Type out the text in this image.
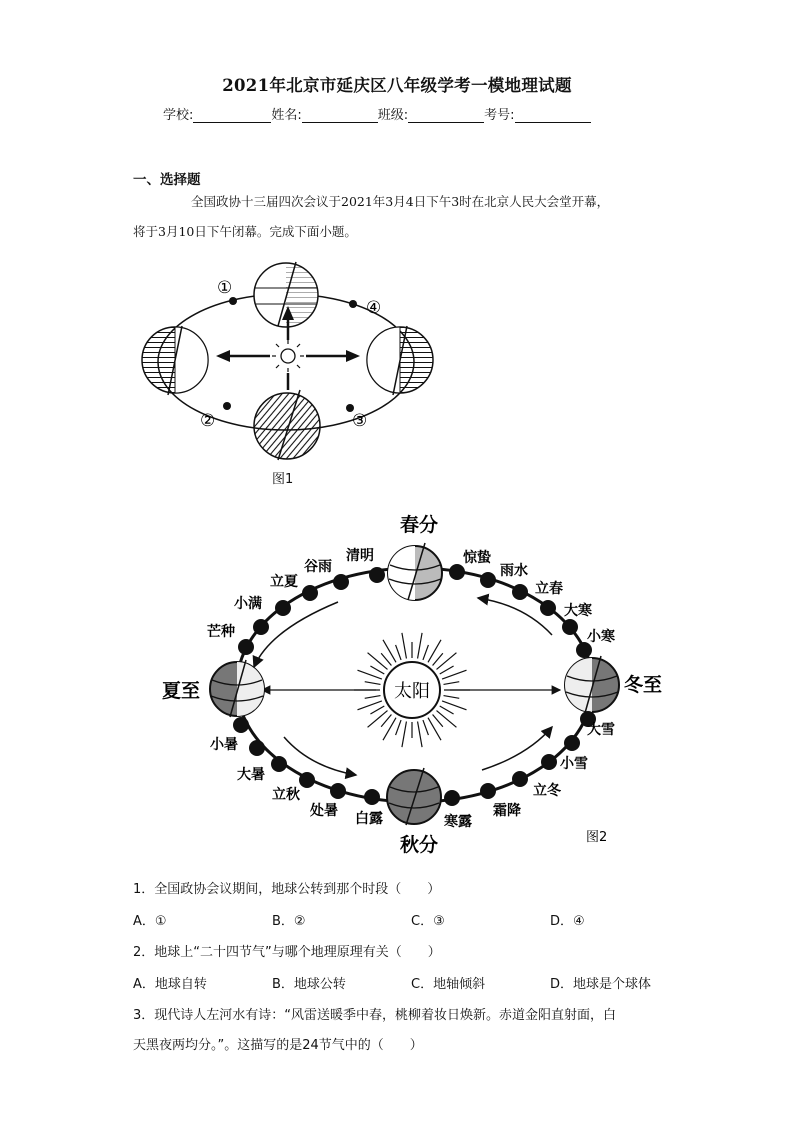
2021年北京市延庆区八年级学考一模地理试题
学校:	姓名:	班级:	考号:
一、选择题
全国政协十三届四次会议于2021年3月4日下午3时在北京人民大会堂开幕，
将于3月10日下午闭幕。完成下面小题。
①
④
②	③
图1
太阳
春分
夏至
秋分
冬至
清明
谷雨
立夏
小满
芒种
小暑
大暑
立秋
处暑 白露	寒露
霜降
立冬
小雪
大雪
小寒
大寒
立春
雨水
惊蛰
图2
1．全国政协会议期间，地球公转到那个时段（　　）
A．①	B．②	C．③	D．④
2．地球上“二十四节气”与哪个地理原理有关（　　）
A．地球自转	B．地球公转	C．地轴倾斜	D．地球是个球体
3．现代诗人左河水有诗：“风雷送暖季中春，桃柳着妆日焕新。赤道金阳直射面，白
天黑夜两均分。”。这描写的是24节气中的（　　）
